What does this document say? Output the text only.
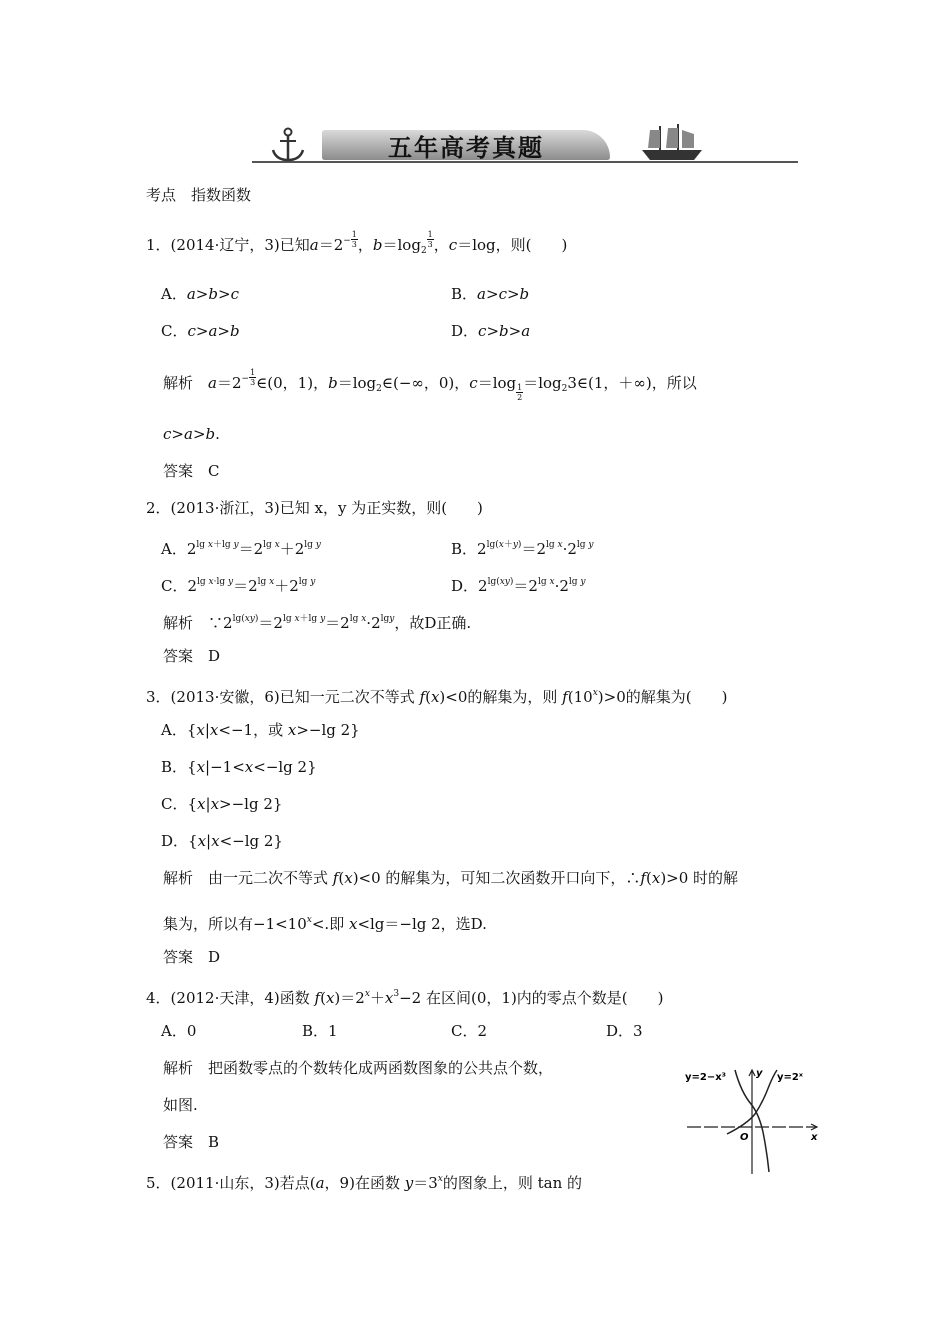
五年高考真题
考点　指数函数
1．(2014·辽宁，3)已知$a=2^- \frac{1}{3}$ ，$b=\log_2$
$\frac{1}{3}$ ，c＝log，则(　　)
A．a>b>c	B．a>c>b
C．c>a>b	D．c>b>a
解析　 $a=2^- \frac{1}{3}$ ∈(0，1)，$b=\log_2\in(-\infty$，0)，$c=\log \frac{1}{2}$ $=\log_23\in(1$，＋∞)，所以
c>a>b.
答案　 C
2．(2013·浙江，3)已知 x，y 为正实数，则(　　)
A．$2^{lg x+lg y}=2^{lg x}+2^{lg y}$	B．$2^{lg(x+y)}=2^{lg x}\cdot 2^{lg y}$
C．$2^{lg x\cdot lg y}=2^{lg x}+2^{lg y}$	D．$2^{lg(xy)}=2^{lg x}\cdot 2^{lg y}$
解析　$\because 2^{lg(xy)}=2^{lg x+lg y}=2^{lg x}\cdot 2^{lgy}$，故D正确.
答案　 D
3．(2013·安徽，6)已知一元二次不等式 f(x)<0的解集为，则 $f(10^x)>0$的解集为(　　)
A．{x|x<−1，或 x>−lg 2}
B．{x|−1<x<−lg 2}
C．{x|x>−lg 2}
D．{x|x<−lg 2}
解析　由一元二次不等式 f(x)<0 的解集为，可知二次函数开口向下，∴f(x)>0 时的解
集为，所以有$-1<10^x<$.即 x<lg＝−lg 2，选D.
答案　 D
4．(2012·天津，4)函数 $f(x)=2^x+x^3-2$ 在区间(0，1)内的零点个数是(　　)
A．0	B．1	C．2	D．3
解析　 把函数零点的个数转化成两函数图象的公共点个数，
如图.
答案　 B
y=2−x³	y=2ˣ
y
x
O
5．(2011·山东，3)若点(a，9)在函数 $y=3^x$的图象上，则 tan 的
